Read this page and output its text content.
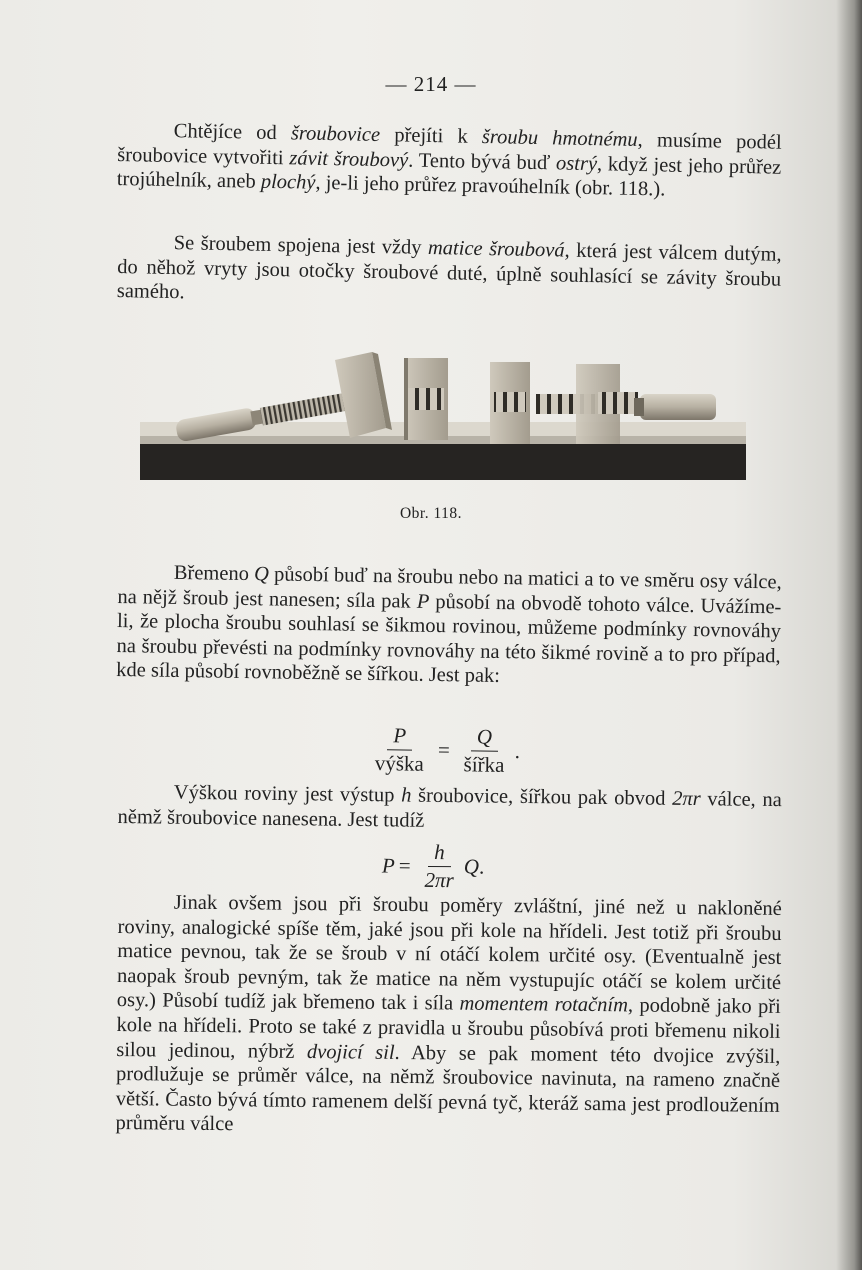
— 214 —

Chtějíce od šroubovice přejíti k šroubu hmotnému, musíme podél šroubovice vytvořiti závit šroubový. Tento bývá buď ostrý, když jest jeho průřez trojúhelník, aneb plochý, je-li jeho průřez pravoúhelník (obr. 118.).

Se šroubem spojena jest vždy matice šroubová, která jest válcem dutým, do něhož vryty jsou otočky šroubové duté, úplně souhlasící se závity šroubu samého.

Obr. 118.

Břemeno Q působí buď na šroubu nebo na matici a to ve směru osy válce, na nějž šroub jest nanesen; síla pak P působí na obvodě tohoto válce. Uvážíme-li, že plocha šroubu souhlasí se šikmou rovinou, můžeme podmínky rovnováhy na šroubu převésti na podmínky rovnováhy na této šikmé rovině a to pro případ, kde síla působí rovnoběžně se šířkou. Jest pak:

$\frac{P}{\text{výška}} = \frac{Q}{\text{šířka}}$ .

Výškou roviny jest výstup h šroubovice, šířkou pak obvod 2πr válce, na němž šroubovice nanesena. Jest tudíž

$P = \frac{h}{2\pi r}$ Q .

Jinak ovšem jsou při šroubu poměry zvláštní, jiné než u nakloněné roviny, analogické spíše těm, jaké jsou při kole na hřídeli. Jest totiž při šroubu matice pevnou, tak že se šroub v ní otáčí kolem určité osy. (Eventualně jest naopak šroub pevným, tak že matice na něm vystupujíc otáčí se kolem určité osy.) Působí tudíž jak břemeno tak i síla momentem rotačním, podobně jako při kole na hřídeli. Proto se také z pravidla u šroubu působívá proti břemenu nikoli silou jedinou, nýbrž dvojicí sil. Aby se pak moment této dvojice zvýšil, prodlužuje se průměr válce, na němž šroubovice navinuta, na rameno značně větší. Často bývá tímto ramenem delší pevná tyč, kteráž sama jest prodloužením průměru válce
